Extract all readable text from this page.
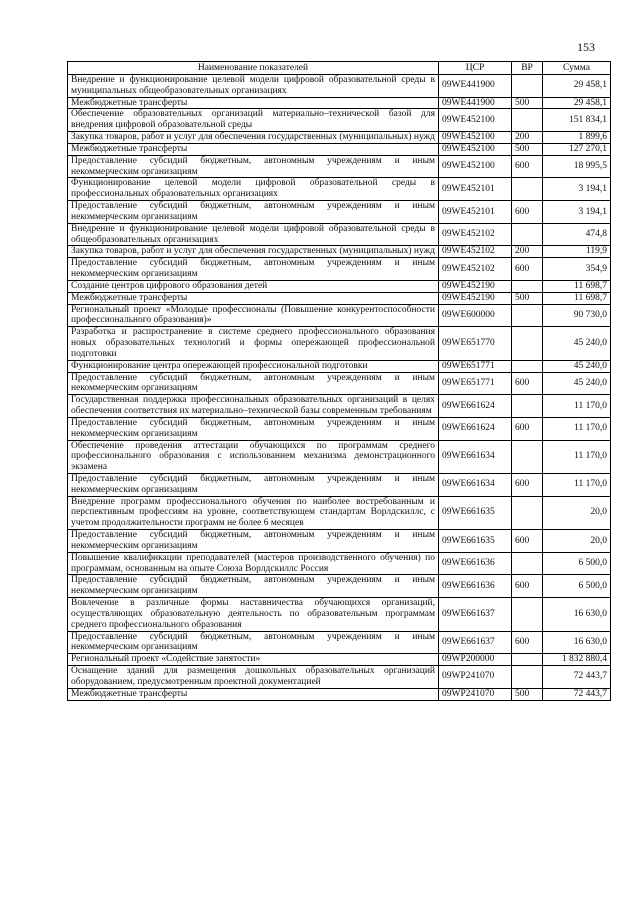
153
Наименование показателей	ЦСР	ВР	Сумма
Внедрение и функционирование целевой модели цифровой образовательной среды в муниципальных общеобразовательных организациях	09WE441900		29 458,1
Межбюджетные трансферты	09WE441900	500	29 458,1
Обеспечение образовательных организаций материально–технической базой для внедрения цифровой образовательной среды	09WE452100		151 834,1
Закупка товаров, работ и услуг для обеспечения государственных (муниципальных) нужд	09WE452100	200	1 899,6
Межбюджетные трансферты	09WE452100	500	127 270,1
Предоставление субсидий бюджетным, автономным учреждениям и иным некоммерческим организациям	09WE452100	600	18 995,5
Функционирование целевой модели цифровой образовательной среды в профессиональных образовательных организациях	09WE452101		3 194,1
Предоставление субсидий бюджетным, автономным учреждениям и иным некоммерческим организациям	09WE452101	600	3 194,1
Внедрение и функционирование целевой модели цифровой образовательной среды в общеобразовательных организациях	09WE452102		474,8
Закупка товаров, работ и услуг для обеспечения государственных (муниципальных) нужд	09WE452102	200	119,9
Предоставление субсидий бюджетным, автономным учреждениям и иным некоммерческим организациям	09WE452102	600	354,9
Создание центров цифрового образования детей	09WE452190		11 698,7
Межбюджетные трансферты	09WE452190	500	11 698,7
Региональный проект «Молодые профессионалы (Повышение конкурентоспособности профессионального образования)»	09WE600000		90 730,0
Разработка и распространение в системе среднего профессионального образования новых образовательных технологий и формы опережающей профессиональной подготовки	09WE651770		45 240,0
Функционирование центра опережающей профессиональной подготовки	09WE651771		45 240,0
Предоставление субсидий бюджетным, автономным учреждениям и иным некоммерческим организациям	09WE651771	600	45 240,0
Государственная поддержка профессиональных образовательных организаций в целях обеспечения соответствия их материально–технической базы современным требованиям	09WE661624		11 170,0
Предоставление субсидий бюджетным, автономным учреждениям и иным некоммерческим организациям	09WE661624	600	11 170,0
Обеспечение проведения аттестации обучающихся по программам среднего профессионального образования с использованием механизма демонстрационного экзамена	09WE661634		11 170,0
Предоставление субсидий бюджетным, автономным учреждениям и иным некоммерческим организациям	09WE661634	600	11 170,0
Внедрение программ профессионального обучения по наиболее востребованным и перспективным профессиям на уровне, соответствующем стандартам Ворлдскиллс, с учетом продолжительности программ не более 6 месяцев	09WE661635		20,0
Предоставление субсидий бюджетным, автономным учреждениям и иным некоммерческим организациям	09WE661635	600	20,0
Повышение квалификации преподавателей (мастеров производственного обучения) по программам, основанным на опыте Союза Ворлдскиллс Россия	09WE661636		6 500,0
Предоставление субсидий бюджетным, автономным учреждениям и иным некоммерческим организациям	09WE661636	600	6 500,0
Вовлечение в различные формы наставничества обучающихся организаций, осуществляющих образовательную деятельность по образовательным программам среднего профессионального образования	09WE661637		16 630,0
Предоставление субсидий бюджетным, автономным учреждениям и иным некоммерческим организациям	09WE661637	600	16 630,0
Региональный проект «Содействие занятости»	09WP200000		1 832 880,4
Оснащение зданий для размещения дошкольных образовательных организаций оборудованием, предусмотренным проектной документацией	09WP241070		72 443,7
Межбюджетные трансферты	09WP241070	500	72 443,7
